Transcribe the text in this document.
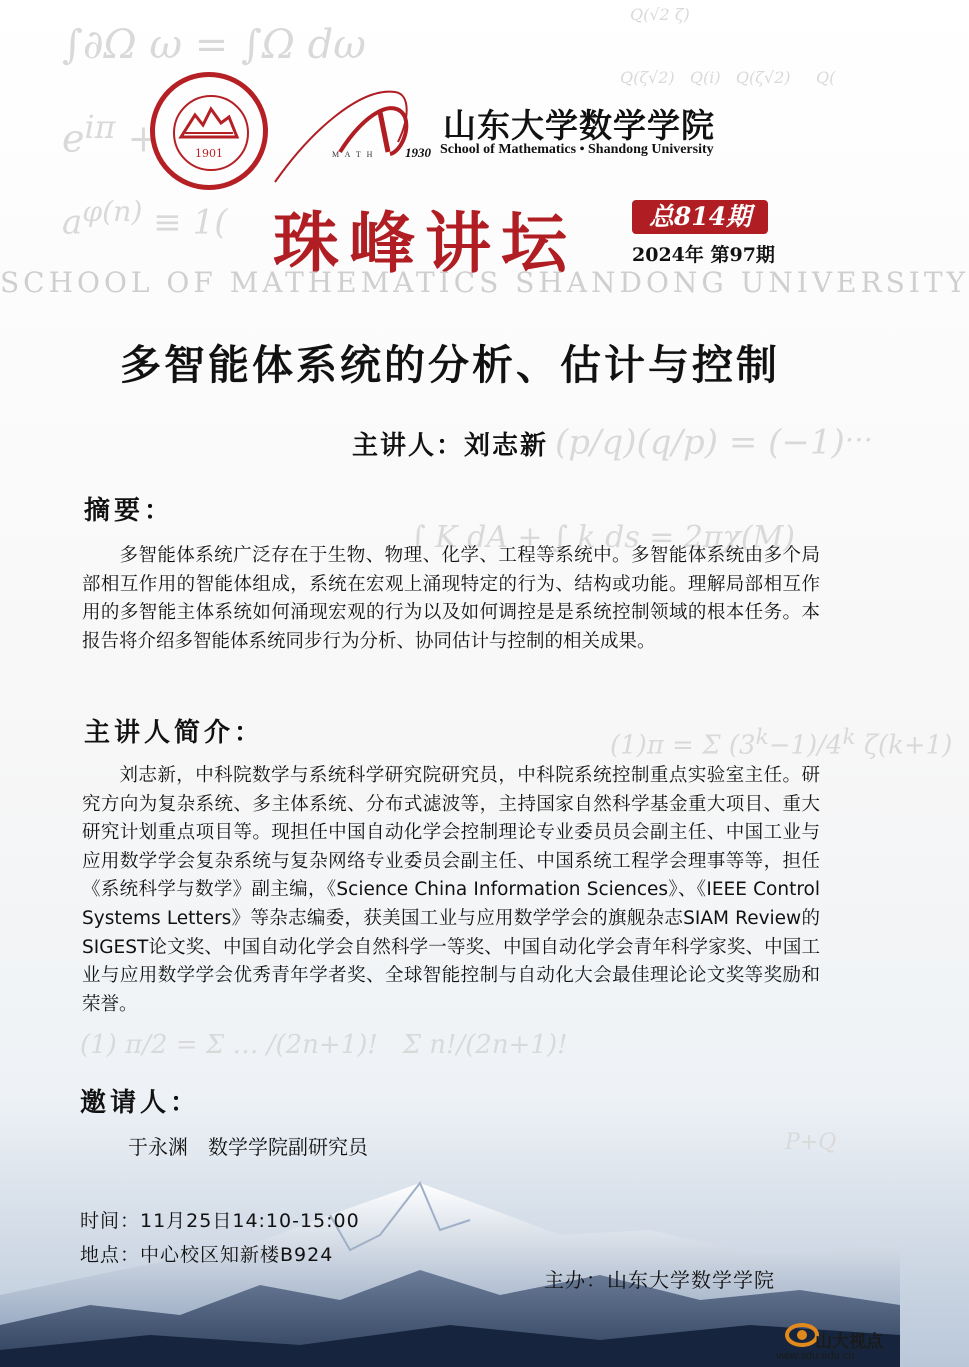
∫∂Ω ω = ∫Ω dω
$e^{i\pi}$ +
$a^{\varphi(n)} \equiv 1$(
Q(√2 ζ)
Q(ζ√2)   Q(i)   Q(ζ√2)     Q(
(p/q)(q/p) = (−1)…
∫ K dA + ∫ k ds = 2πχ(M)
(1)π = Σ $(3^k-1)/4^k$ ζ(k+1)
(1) π/2 = Σ … /(2n+1)!   Σ n!/(2n+1)!
P+Q
1901	M A T H 1930
山东大学数学学院
School of Mathematics • Shandong University
珠峰讲坛	总814期
2024年 第97期
SCHOOL OF MATHEMATICS SHANDONG UNIVERSITY
多智能体系统的分析、估计与控制
主讲人：刘志新
摘要：
多智能体系统广泛存在于生物、物理、化学、工程等系统中。多智能体系统由多个局部相互作用的智能体组成，系统在宏观上涌现特定的行为、结构或功能。理解局部相互作用的多智能主体系统如何涌现宏观的行为以及如何调控是是系统控制领域的根本任务。本报告将介绍多智能体系统同步行为分析、协同估计与控制的相关成果。
主讲人简介：
刘志新，中科院数学与系统科学研究院研究员，中科院系统控制重点实验室主任。研究方向为复杂系统、多主体系统、分布式滤波等，主持国家自然科学基金重大项目、重大研究计划重点项目等。现担任中国自动化学会控制理论专业委员员会副主任、中国工业与应用数学学会复杂系统与复杂网络专业委员会副主任、中国系统工程学会理事等等，担任《系统科学与数学》副主编，《Science China Information Sciences》、《IEEE Control Systems Letters》等杂志编委，获美国工业与应用数学学会的旗舰杂志SIAM Review的SIGEST论文奖、中国自动化学会自然科学一等奖、中国自动化学会青年科学家奖、中国工业与应用数学学会优秀青年学者奖、全球智能控制与自动化大会最佳理论论文奖等奖励和荣誉。
邀请人：
于永渊　数学学院副研究员
时间：11月25日14:10-15:00
地点：中心校区知新楼B924
主办：山东大学数学学院
山大视点
view.sdu.edu.cn
